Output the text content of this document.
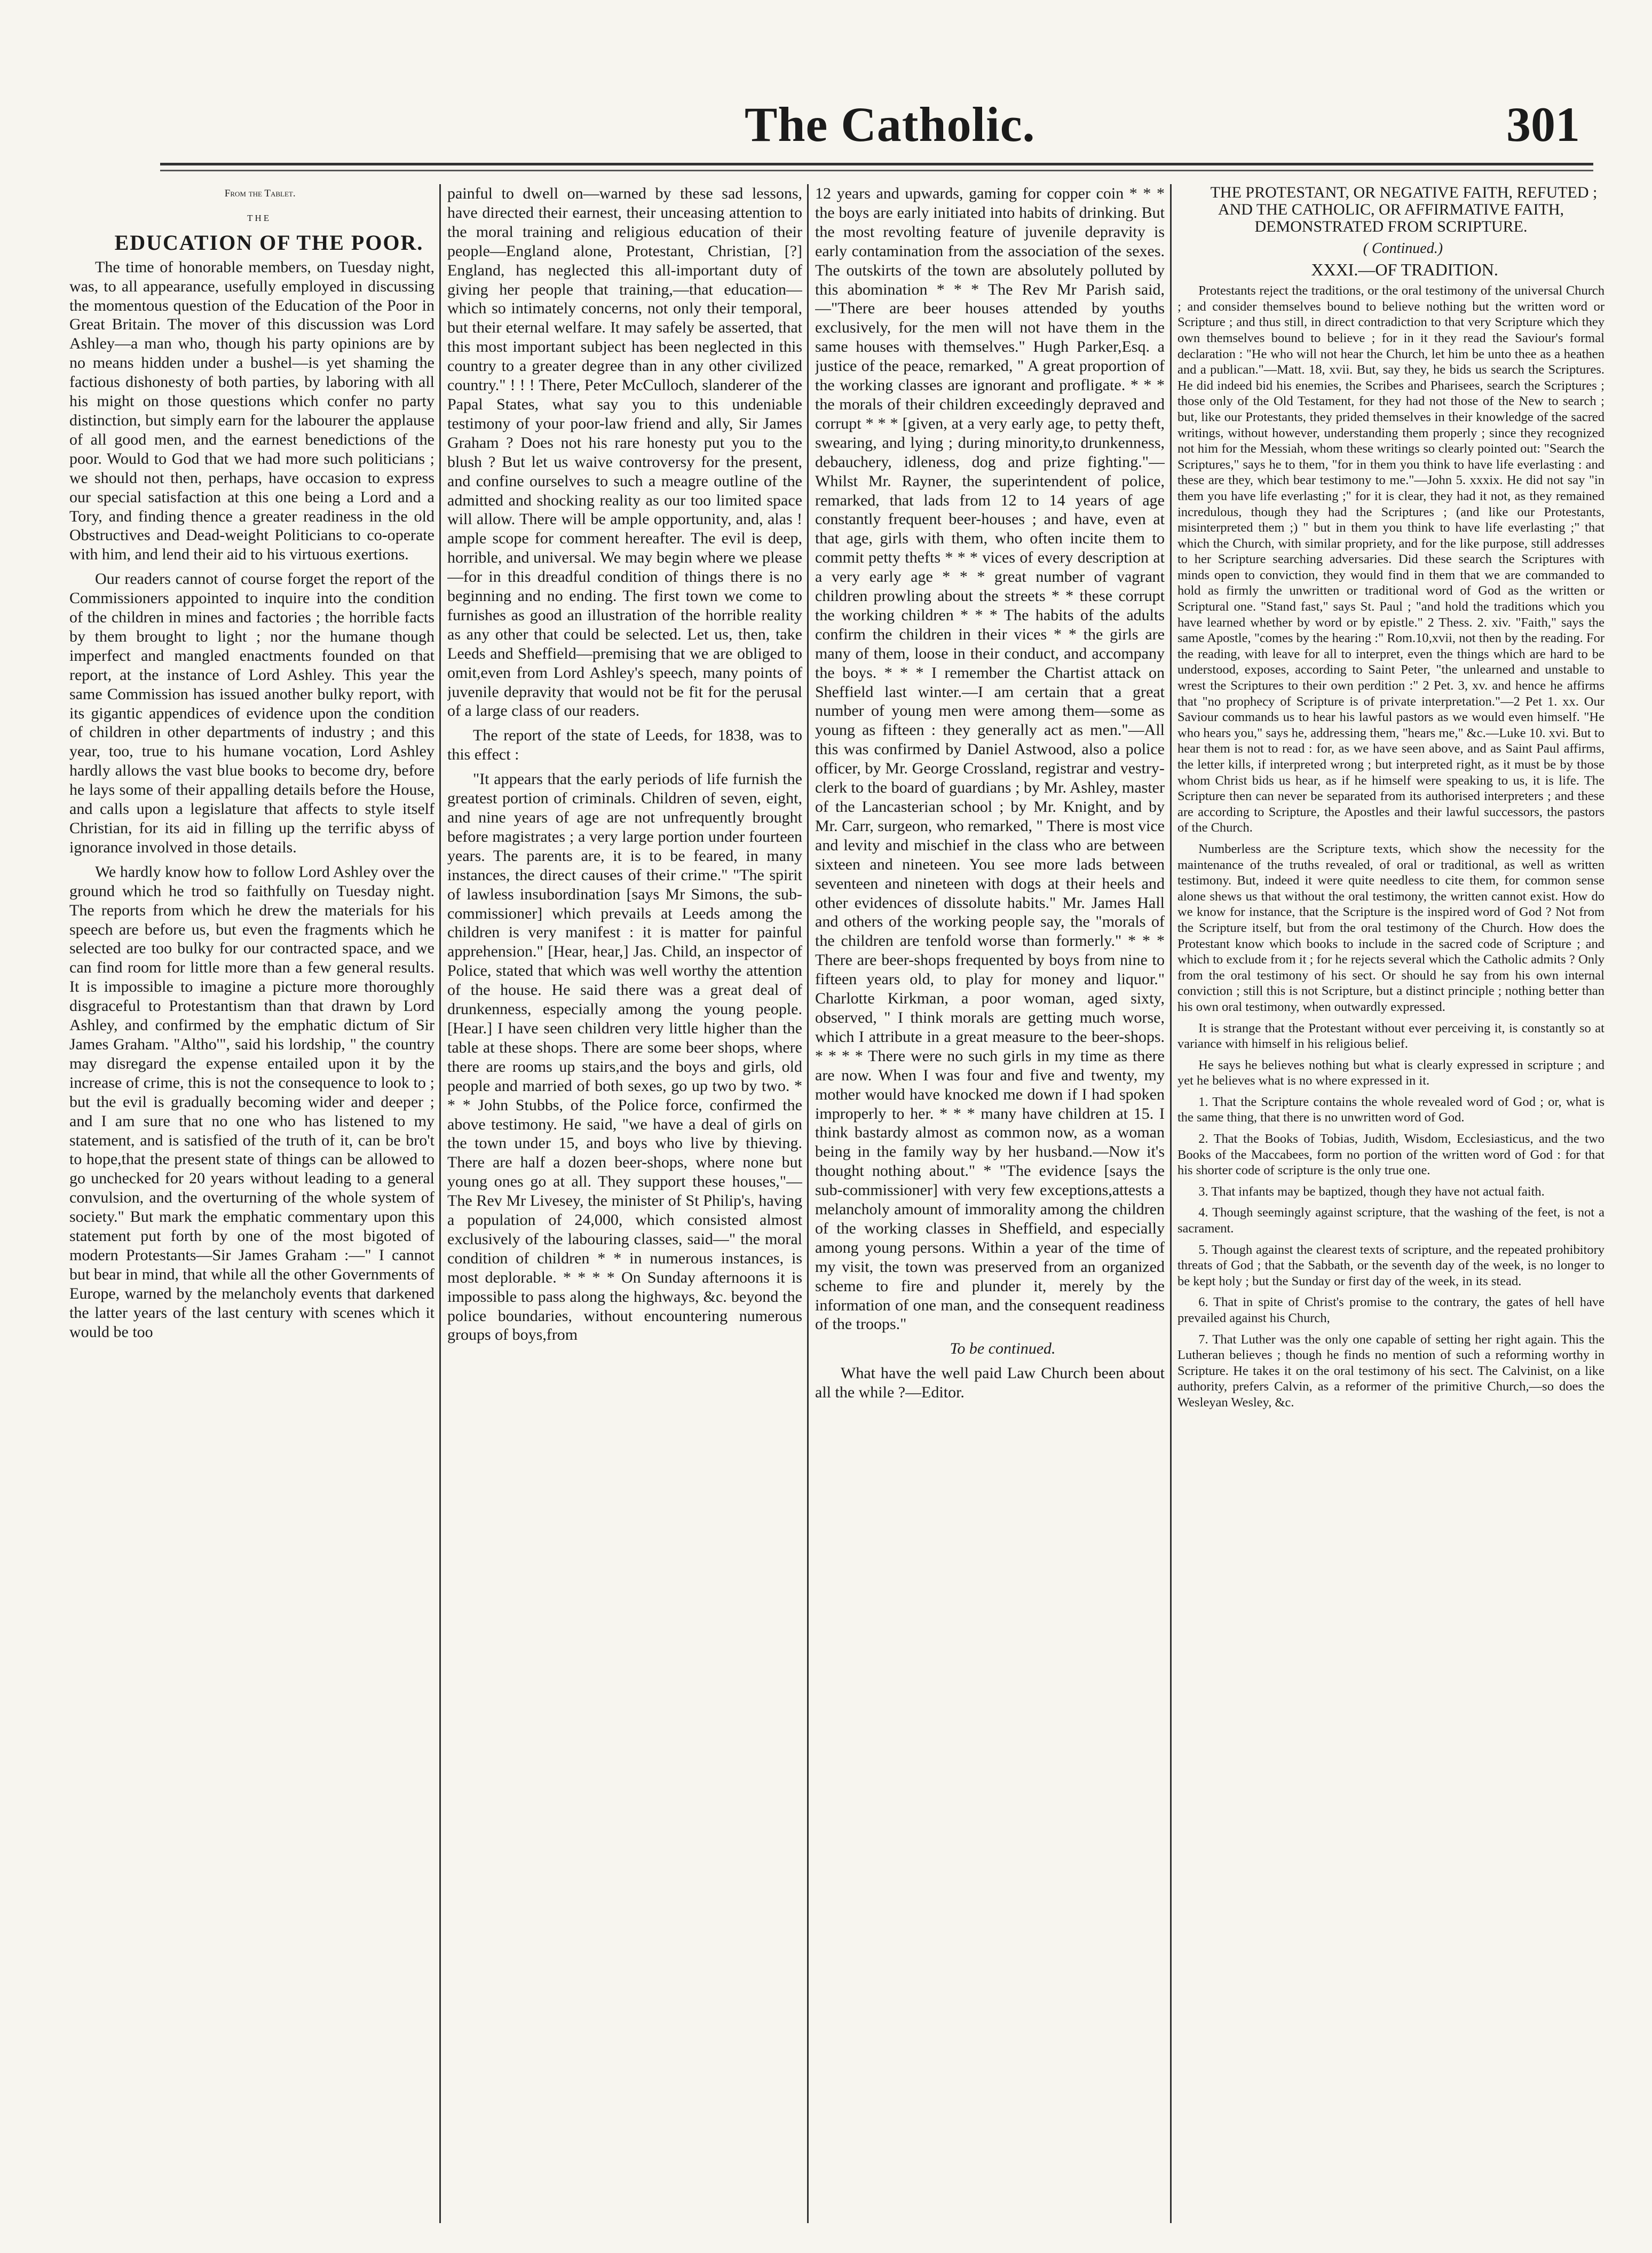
The Catholic.	301

From the Tablet.

THE

EDUCATION OF THE POOR.

The time of honorable members, on Tuesday night, was, to all appearance, usefully employed in discussing the momentous question of the Education of the Poor in Great Britain. The mover of this discussion was Lord Ashley—a man who, though his party opinions are by no means hidden under a bushel—is yet shaming the factious dishonesty of both parties, by laboring with all his might on those questions which confer no party distinction, but simply earn for the labourer the applause of all good men, and the earnest benedictions of the poor. Would to God that we had more such politicians ; we should not then, perhaps, have occasion to express our special satisfaction at this one being a Lord and a Tory, and finding thence a greater readiness in the old Obstructives and Dead-weight Politicians to co-operate with him, and lend their aid to his virtuous exertions.

Our readers cannot of course forget the report of the Commissioners appointed to inquire into the condition of the children in mines and factories ; the horrible facts by them brought to light ; nor the humane though imperfect and mangled enactments founded on that report, at the instance of Lord Ashley. This year the same Commission has issued another bulky report, with its gigantic appendices of evidence upon the condition of children in other departments of industry ; and this year, too, true to his humane vocation, Lord Ashley hardly allows the vast blue books to become dry, before he lays some of their appalling details before the House, and calls upon a legislature that affects to style itself Christian, for its aid in filling up the terrific abyss of ignorance involved in those details.

We hardly know how to follow Lord Ashley over the ground which he trod so faithfully on Tuesday night. The reports from which he drew the materials for his speech are before us, but even the fragments which he selected are too bulky for our contracted space, and we can find room for little more than a few general results. It is impossible to imagine a picture more thoroughly disgraceful to Protestantism than that drawn by Lord Ashley, and confirmed by the emphatic dictum of Sir James Graham. "Altho'", said his lordship, " the country may disregard the expense entailed upon it by the increase of crime, this is not the consequence to look to ; but the evil is gradually becoming wider and deeper ; and I am sure that no one who has listened to my statement, and is satisfied of the truth of it, can be bro't to hope,that the present state of things can be allowed to go unchecked for 20 years without leading to a general convulsion, and the overturning of the whole system of society." But mark the emphatic commentary upon this statement put forth by one of the most bigoted of modern Protestants—Sir James Graham :—" I cannot but bear in mind, that while all the other Governments of Europe, warned by the melancholy events that darkened the latter years of the last century with scenes which it would be too

painful to dwell on—warned by these sad lessons, have directed their earnest, their unceasing attention to the moral training and religious education of their people—England alone, Protestant, Christian, [?] England, has neglected this all-important duty of giving her people that training,—that education—which so intimately concerns, not only their temporal, but their eternal welfare. It may safely be asserted, that this most important subject has been neglected in this country to a greater degree than in any other civilized country." ! ! ! There, Peter McCulloch, slanderer of the Papal States, what say you to this undeniable testimony of your poor-law friend and ally, Sir James Graham ? Does not his rare honesty put you to the blush ? But let us waive controversy for the present, and confine ourselves to such a meagre outline of the admitted and shocking reality as our too limited space will allow. There will be ample opportunity, and, alas ! ample scope for comment hereafter. The evil is deep, horrible, and universal. We may begin where we please—for in this dreadful condition of things there is no beginning and no ending. The first town we come to furnishes as good an illustration of the horrible reality as any other that could be selected. Let us, then, take Leeds and Sheffield—premising that we are obliged to omit,even from Lord Ashley's speech, many points of juvenile depravity that would not be fit for the perusal of a large class of our readers.

The report of the state of Leeds, for 1838, was to this effect :

"It appears that the early periods of life furnish the greatest portion of criminals. Children of seven, eight, and nine years of age are not unfrequently brought before magistrates ; a very large portion under fourteen years. The parents are, it is to be feared, in many instances, the direct causes of their crime." "The spirit of lawless insubordination [says Mr Simons, the sub-commissioner] which prevails at Leeds among the children is very manifest : it is matter for painful apprehension." [Hear, hear,] Jas. Child, an inspector of Police, stated that which was well worthy the attention of the house. He said there was a great deal of drunkenness, especially among the young people. [Hear.] I have seen children very little higher than the table at these shops. There are some beer shops, where there are rooms up stairs,and the boys and girls, old people and married of both sexes, go up two by two. * * * John Stubbs, of the Police force, confirmed the above testimony. He said, "we have a deal of girls on the town under 15, and boys who live by thieving. There are half a dozen beer-shops, where none but young ones go at all. They support these houses,"—The Rev Mr Livesey, the minister of St Philip's, having a population of 24,000, which consisted almost exclusively of the labouring classes, said—" the moral condition of children * * in numerous instances, is most deplorable. * * * * On Sunday afternoons it is impossible to pass along the highways, &c. beyond the police boundaries, without encountering numerous groups of boys,from

12 years and upwards, gaming for copper coin * * * the boys are early initiated into habits of drinking. But the most revolting feature of juvenile depravity is early contamination from the association of the sexes. The outskirts of the town are absolutely polluted by this abomination * * * The Rev Mr Parish said,—"There are beer houses attended by youths exclusively, for the men will not have them in the same houses with themselves." Hugh Parker,Esq. a justice of the peace, remarked, " A great proportion of the working classes are ignorant and profligate. * * * the morals of their children exceedingly depraved and corrupt * * * [given, at a very early age, to petty theft, swearing, and lying ; during minority,to drunkenness, debauchery, idleness, dog and prize fighting."—Whilst Mr. Rayner, the superintendent of police, remarked, that lads from 12 to 14 years of age constantly frequent beer-houses ; and have, even at that age, girls with them, who often incite them to commit petty thefts * * * vices of every description at a very early age * * * great number of vagrant children prowling about the streets * * these corrupt the working children * * * The habits of the adults confirm the children in their vices * * the girls are many of them, loose in their conduct, and accompany the boys. * * * I remember the Chartist attack on Sheffield last winter.—I am certain that a great number of young men were among them—some as young as fifteen : they generally act as men."—All this was confirmed by Daniel Astwood, also a police officer, by Mr. George Crossland, registrar and vestry-clerk to the board of guardians ; by Mr. Ashley, master of the Lancasterian school ; by Mr. Knight, and by Mr. Carr, surgeon, who remarked, " There is most vice and levity and mischief in the class who are between sixteen and nineteen. You see more lads between seventeen and nineteen with dogs at their heels and other evidences of dissolute habits." Mr. James Hall and others of the working people say, the "morals of the children are tenfold worse than formerly." * * * There are beer-shops frequented by boys from nine to fifteen years old, to play for money and liquor." Charlotte Kirkman, a poor woman, aged sixty, observed, " I think morals are getting much worse, which I attribute in a great measure to the beer-shops. * * * * There were no such girls in my time as there are now. When I was four and five and twenty, my mother would have knocked me down if I had spoken improperly to her. * * * many have children at 15. I think bastardy almost as common now, as a woman being in the family way by her husband.—Now it's thought nothing about." * "The evidence [says the sub-commissioner] with very few exceptions,attests a melancholy amount of immorality among the children of the working classes in Sheffield, and especially among young persons. Within a year of the time of my visit, the town was preserved from an organized scheme to fire and plunder it, merely by the information of one man, and the consequent readiness of the troops."

To be continued.

What have the well paid Law Church been about all the while ?—Editor.

THE PROTESTANT, OR NEGATIVE FAITH, REFUTED ; AND THE CATHOLIC, OR AFFIRMATIVE FAITH, DEMONSTRATED FROM SCRIPTURE.

( Continued.)

XXXI.—OF TRADITION.

Protestants reject the traditions, or the oral testimony of the universal Church ; and consider themselves bound to believe nothing but the written word or Scripture ; and thus still, in direct contradiction to that very Scripture which they own themselves bound to believe ; for in it they read the Saviour's formal declaration : "He who will not hear the Church, let him be unto thee as a heathen and a publican."—Matt. 18, xvii. But, say they, he bids us search the Scriptures. He did indeed bid his enemies, the Scribes and Pharisees, search the Scriptures ; those only of the Old Testament, for they had not those of the New to search ; but, like our Protestants, they prided themselves in their knowledge of the sacred writings, without however, understanding them properly ; since they recognized not him for the Messiah, whom these writings so clearly pointed out: "Search the Scriptures," says he to them, "for in them you think to have life everlasting : and these are they, which bear testimony to me."—John 5. xxxix. He did not say "in them you have life everlasting ;" for it is clear, they had it not, as they remained incredulous, though they had the Scriptures ; (and like our Protestants, misinterpreted them ;) " but in them you think to have life everlasting ;" that which the Church, with similar propriety, and for the like purpose, still addresses to her Scripture searching adversaries. Did these search the Scriptures with minds open to conviction, they would find in them that we are commanded to hold as firmly the unwritten or traditional word of God as the written or Scriptural one. "Stand fast," says St. Paul ; "and hold the traditions which you have learned whether by word or by epistle." 2 Thess. 2. xiv. "Faith," says the same Apostle, "comes by the hearing :" Rom.10,xvii, not then by the reading. For the reading, with leave for all to interpret, even the things which are hard to be understood, exposes, according to Saint Peter, "the unlearned and unstable to wrest the Scriptures to their own perdition :" 2 Pet. 3, xv. and hence he affirms that "no prophecy of Scripture is of private interpretation."—2 Pet 1. xx. Our Saviour commands us to hear his lawful pastors as we would even himself. "He who hears you," says he, addressing them, "hears me," &c.—Luke 10. xvi. But to hear them is not to read : for, as we have seen above, and as Saint Paul affirms, the letter kills, if interpreted wrong ; but interpreted right, as it must be by those whom Christ bids us hear, as if he himself were speaking to us, it is life. The Scripture then can never be separated from its authorised interpreters ; and these are according to Scripture, the Apostles and their lawful successors, the pastors of the Church.

Numberless are the Scripture texts, which show the necessity for the maintenance of the truths revealed, of oral or traditional, as well as written testimony. But, indeed it were quite needless to cite them, for common sense alone shews us that without the oral testimony, the written cannot exist. How do we know for instance, that the Scripture is the inspired word of God ? Not from the Scripture itself, but from the oral testimony of the Church. How does the Protestant know which books to include in the sacred code of Scripture ; and which to exclude from it ; for he rejects several which the Catholic admits ? Only from the oral testimony of his sect. Or should he say from his own internal conviction ; still this is not Scripture, but a distinct principle ; nothing better than his own oral testimony, when outwardly expressed.

It is strange that the Protestant without ever perceiving it, is constantly so at variance with himself in his religious belief.

He says he believes nothing but what is clearly expressed in scripture ; and yet he believes what is no where expressed in it.

1. That the Scripture contains the whole revealed word of God ; or, what is the same thing, that there is no unwritten word of God.

2. That the Books of Tobias, Judith, Wisdom, Ecclesiasticus, and the two Books of the Maccabees, form no portion of the written word of God : for that his shorter code of scripture is the only true one.

3. That infants may be baptized, though they have not actual faith.

4. Though seemingly against scripture, that the washing of the feet, is not a sacrament.

5. Though against the clearest texts of scripture, and the repeated prohibitory threats of God ; that the Sabbath, or the seventh day of the week, is no longer to be kept holy ; but the Sunday or first day of the week, in its stead.

6. That in spite of Christ's promise to the contrary, the gates of hell have prevailed against his Church,

7. That Luther was the only one capable of setting her right again. This the Lutheran believes ; though he finds no mention of such a reforming worthy in Scripture. He takes it on the oral testimony of his sect. The Calvinist, on a like authority, prefers Calvin, as a reformer of the primitive Church,—so does the Wesleyan Wesley, &c.
